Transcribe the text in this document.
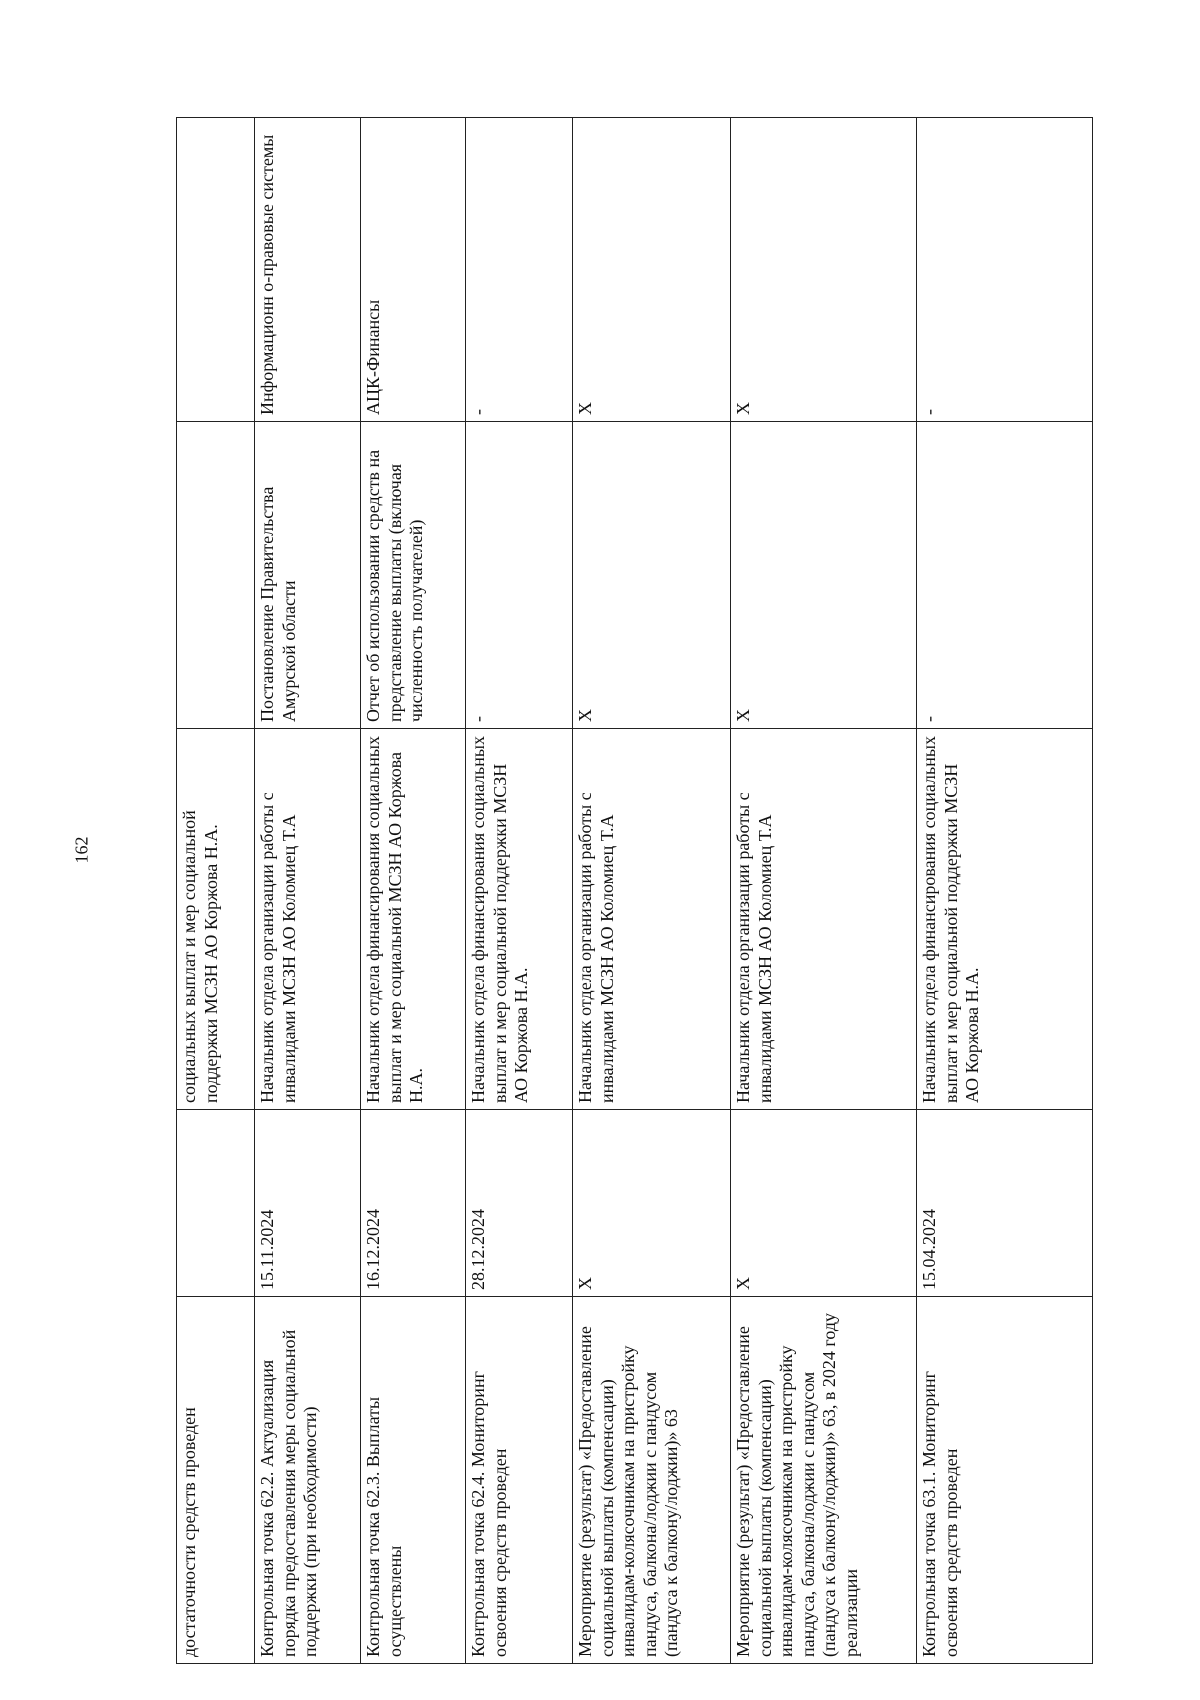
162
достаточности средств проведен		социальных выплат и мер социальной поддержки МСЗН АО Коржова Н.А.		
Контрольная точка 62.2. Актуализация порядка предоставления меры социальной поддержки (при необходимости)	15.11.2024	Начальник отдела организации работы с инвалидами МСЗН АО Коломиец Т.А	Постановление Правительства Амурской области	Информационн о-правовые системы
Контрольная точка 62.3. Выплаты осуществлены	16.12.2024	Начальник отдела финансирования социальных выплат и мер социальной МСЗН АО Коржова Н.А.	Отчет об использовании средств на представление выплаты (включая численность получателей)	АЦК-Финансы
Контрольная точка 62.4. Мониторинг освоения средств проведен	28.12.2024	Начальник отдела финансирования социальных выплат и мер социальной поддержки МСЗН АО Коржова Н.А.	-	-
Мероприятие (результат) «Предоставление социальной выплаты (компенсации) инвалидам-колясочникам на пристройку пандуса, балкона/лоджии с пандусом (пандуса к балкону/лоджии)» 63	X	Начальник отдела организации работы с инвалидами МСЗН АО Коломиец Т.А	X	X
Мероприятие (результат) «Предоставление социальной выплаты (компенсации) инвалидам-колясочникам на пристройку пандуса, балкона/лоджии с пандусом (пандуса к балкону/лоджии)» 63, в 2024 году реализации	X	Начальник отдела организации работы с инвалидами МСЗН АО Коломиец Т.А	X	X
Контрольная точка 63.1. Мониторинг освоения средств проведен	15.04.2024	Начальник отдела финансирования социальных выплат и мер социальной поддержки МСЗН АО Коржова Н.А.	-	-
